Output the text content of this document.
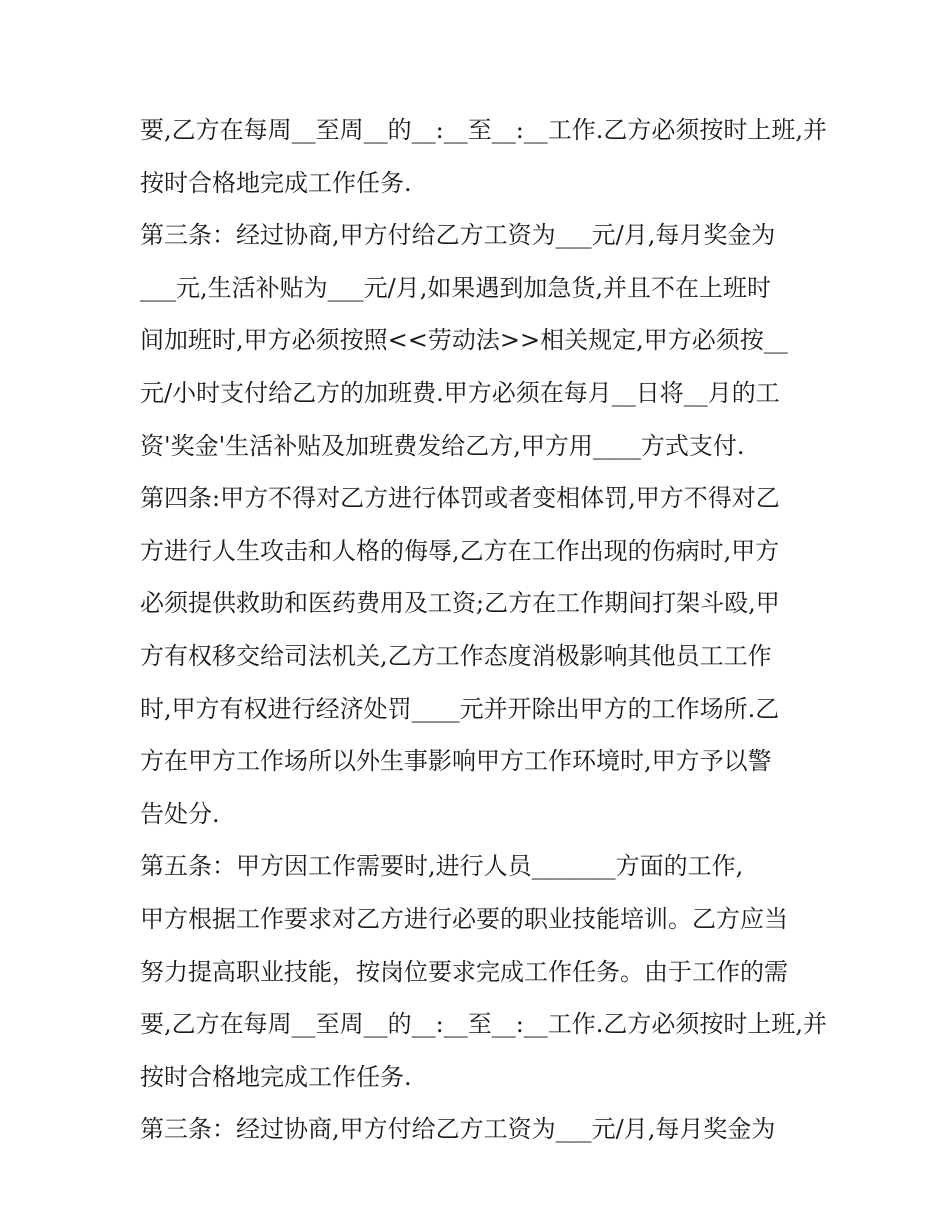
要,乙方在每周__至周__的__:__至__:__工作.乙方必须按时上班,并
按时合格地完成工作任务.
第三条：经过协商,甲方付给乙方工资为___元/月,每月奖金为
___元,生活补贴为___元/月,如果遇到加急货,并且不在上班时
间加班时,甲方必须按照<<劳动法>>相关规定,甲方必须按__
元/小时支付给乙方的加班费.甲方必须在每月__日将__月的工
资'奖金'生活补贴及加班费发给乙方,甲方用____方式支付.
第四条:甲方不得对乙方进行体罚或者变相体罚,甲方不得对乙
方进行人生攻击和人格的侮辱,乙方在工作出现的伤病时,甲方
必须提供救助和医药费用及工资;乙方在工作期间打架斗殴,甲
方有权移交给司法机关,乙方工作态度消极影响其他员工工作
时,甲方有权进行经济处罚____元并开除出甲方的工作场所.乙
方在甲方工作场所以外生事影响甲方工作环境时,甲方予以警
告处分.
第五条：甲方因工作需要时,进行人员_______方面的工作,
甲方根据工作要求对乙方进行必要的职业技能培训。乙方应当
努力提高职业技能，按岗位要求完成工作任务。由于工作的需
要,乙方在每周__至周__的__:__至__:__工作.乙方必须按时上班,并
按时合格地完成工作任务.
第三条：经过协商,甲方付给乙方工资为___元/月,每月奖金为
